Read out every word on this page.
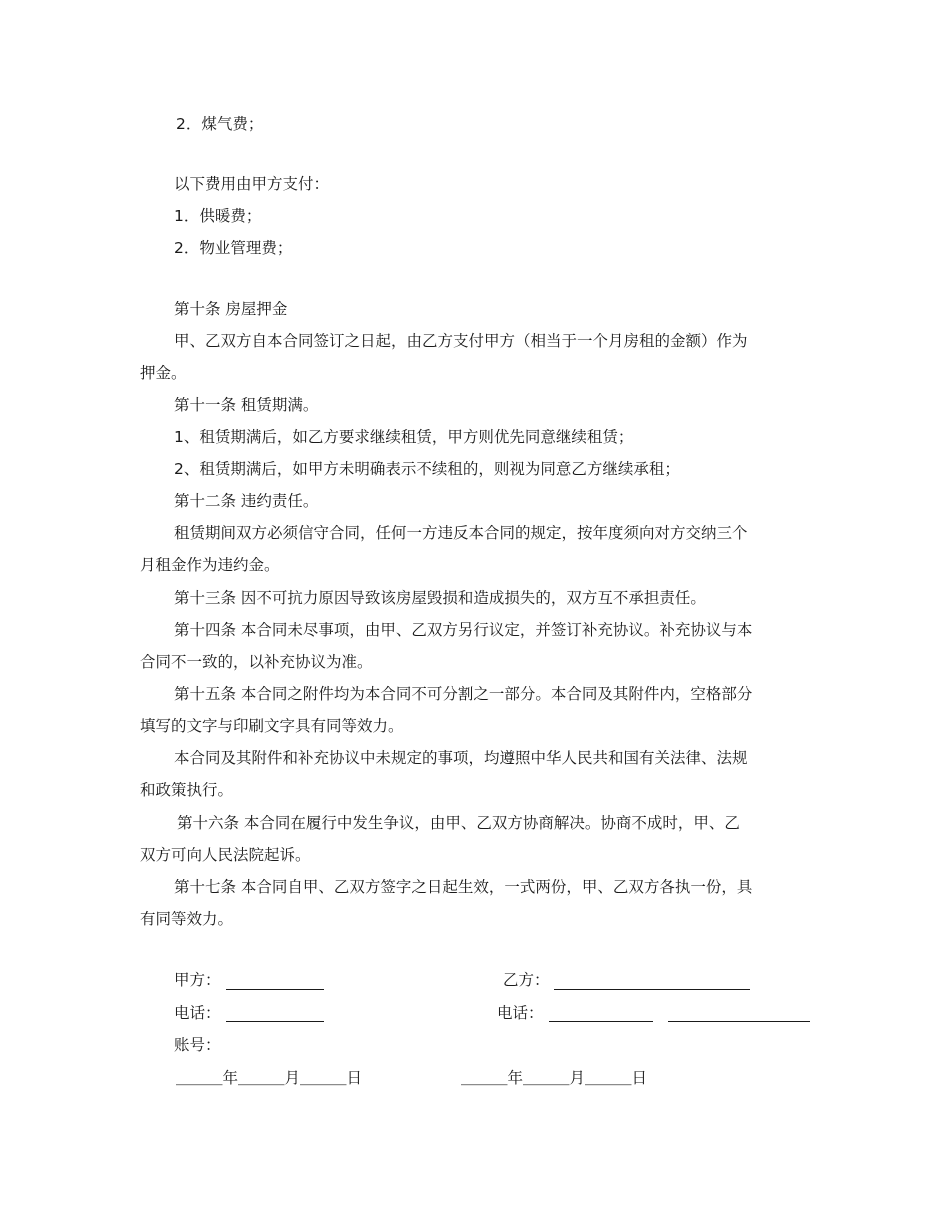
2．煤气费；
以下费用由甲方支付：
1．供暖费；
2．物业管理费；
第十条 房屋押金
甲、乙双方自本合同签订之日起，由乙方支付甲方（相当于一个月房租的金额）作为
押金。
第十一条 租赁期满。
1、租赁期满后，如乙方要求继续租赁，甲方则优先同意继续租赁；
2、租赁期满后，如甲方未明确表示不续租的，则视为同意乙方继续承租；
第十二条 违约责任。
租赁期间双方必须信守合同，任何一方违反本合同的规定，按年度须向对方交纳三个
月租金作为违约金。
第十三条 因不可抗力原因导致该房屋毁损和造成损失的，双方互不承担责任。
第十四条 本合同未尽事项，由甲、乙双方另行议定，并签订补充协议。补充协议与本
合同不一致的，以补充协议为准。
第十五条 本合同之附件均为本合同不可分割之一部分。本合同及其附件内，空格部分
填写的文字与印刷文字具有同等效力。
本合同及其附件和补充协议中未规定的事项，均遵照中华人民共和国有关法律、法规
和政策执行。
第十六条 本合同在履行中发生争议，由甲、乙双方协商解决。协商不成时，甲、乙
双方可向人民法院起诉。
第十七条 本合同自甲、乙双方签字之日起生效，一式两份，甲、乙双方各执一份，具
有同等效力。
甲方：	乙方：
电话：	电话：
账号：
＿＿＿年＿＿＿月＿＿＿日	＿＿＿年＿＿＿月＿＿＿日
